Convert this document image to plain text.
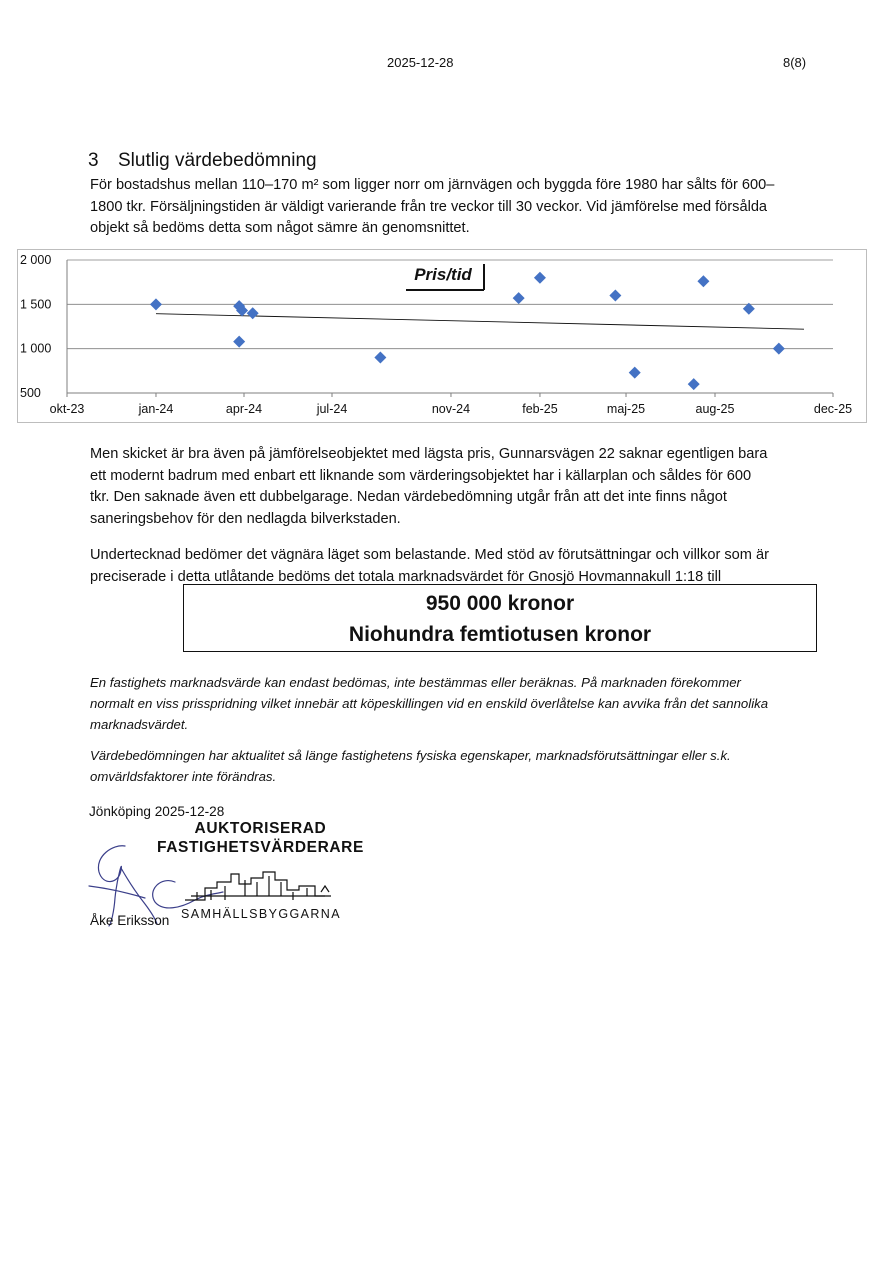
2025-12-28	8(8)
3 Slutlig värdebedömning
För bostadshus mellan 110–170 m² som ligger norr om järnvägen och byggda före 1980 har sålts för 600–
1800 tkr. Försäljningstiden är väldigt varierande från tre veckor till 30 veckor. Vid jämförelse med försålda
objekt så bedöms detta som något sämre än genomsnittet.
500
1 000
1 500
2 000
okt-23	jan-24	apr-24	jul-24	nov-24	feb-25	maj-25	aug-25	dec-25
Pris/tid
Men skicket är bra även på jämförelseobjektet med lägsta pris, Gunnarsvägen 22 saknar egentligen bara
ett modernt badrum med enbart ett liknande som värderingsobjektet har i källarplan och såldes för 600
tkr. Den saknade även ett dubbelgarage. Nedan värdebedömning utgår från att det inte finns något
saneringsbehov för den nedlagda bilverkstaden.
Undertecknad bedömer det vägnära läget som belastande. Med stöd av förutsättningar och villkor som är
preciserade i detta utlåtande bedöms det totala marknadsvärdet för Gnosjö Hovmannakull 1:18 till
950 000 kronor
Niohundra femtiotusen kronor
En fastighets marknadsvärde kan endast bedömas, inte bestämmas eller beräknas. På marknaden förekommer
normalt en viss prisspridning vilket innebär att köpeskillingen vid en enskild överlåtelse kan avvika från det sannolika
marknadsvärdet.
Värdebedömningen har aktualitet så länge fastighetens fysiska egenskaper, marknadsförutsättningar eller s.k.
omvärldsfaktorer inte förändras.
Jönköping 2025-12-28
AUKTORISERAD
FASTIGHETSVÄRDERARE
SAMHÄLLSBYGGARNA
Åke Eriksson
